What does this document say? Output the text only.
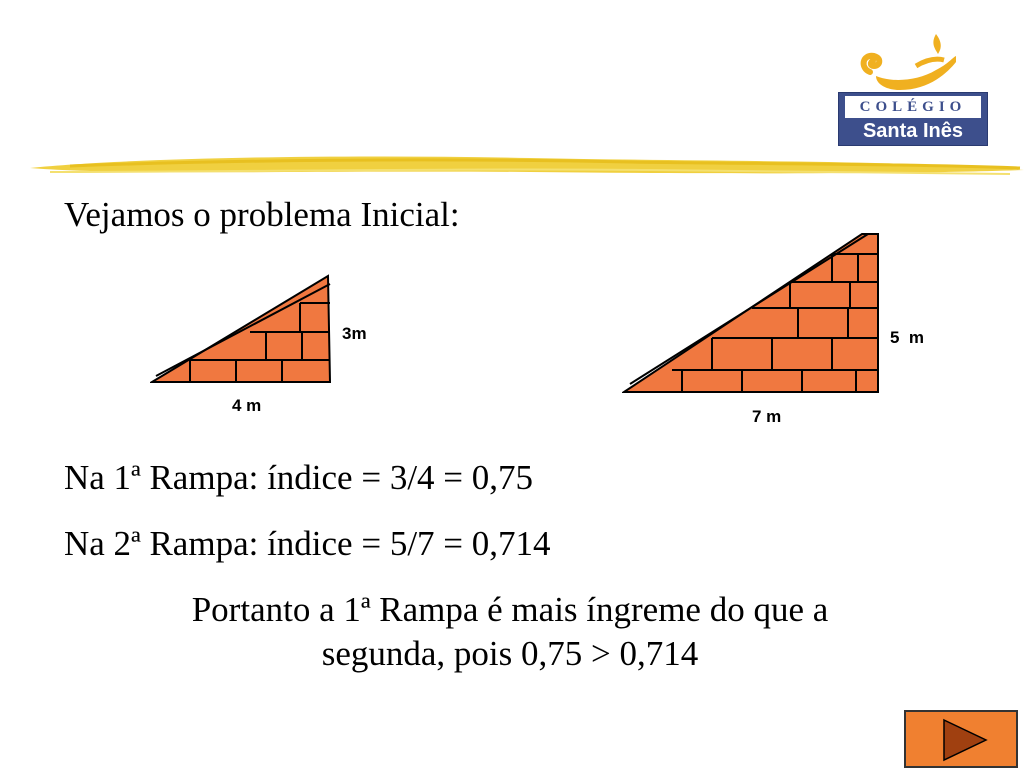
COLÉGIO
Santa Inês
Vejamos o problema Inicial:
3m
4 m
5  m
7 m
Na 1ª Rampa: índice = 3/4 = 0,75
Na 2ª Rampa: índice = 5/7 = 0,714
Portanto a 1ª Rampa é mais íngreme do que a
segunda, pois 0,75 > 0,714
